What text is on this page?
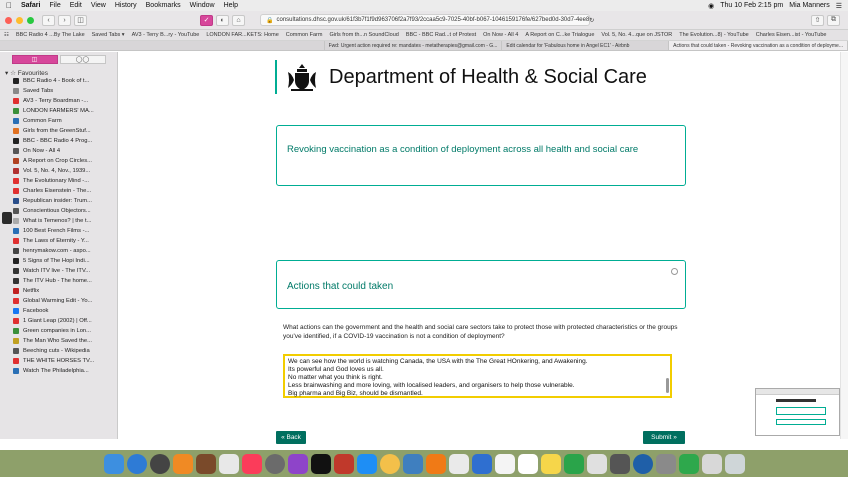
Safari File Edit View History Bookmarks Window Help	◉ Thu 10 Feb 2:15 pm Mia Manners ☰
‹	›	◫	✓	◐	⌂	🔒 consultations.dhsc.gov.uk/61f3b7f1f9d963706f2a7f93/2ccaa5c9-7025-40bf-b067-1046159176fe/627bed0d-30d7-4ee8 ↻	⇧	⧉
☷ BBC Radio 4 ...By The Lake Saved Tabs ▾ AV3 - Terry B...ry - YouTube LONDON FAR...KETS: Home Common Farm Girls from th...n SoundCloud BBC - BBC Rad...t of Protest On Now - All 4 A Report on C...ke Trialogue Vol. 5, No. 4...que on JSTOR The Evolution...8) - YouTube Charles Eisen...ist - YouTube
Fwd: Urgent action required re: mandates - metatherapies@gmail.com - G...	Edit calendar for 'Fabulous home in Angel EC1' - Airbnb	Actions that could taken - Revoking vaccination as a condition of deployme...
◫	◯◯
▾ ☆ Favourites
BBC Radio 4 - Book of t...
Saved Tabs
AV3 - Terry Boardman -...
LONDON FARMERS' MA...
Common Farm
Girls from the GreenStuf...
BBC - BBC Radio 4 Prog...
On Now - All 4
A Report on Crop Circles...
Vol. 5, No. 4, Nov., 1939...
The Evolutionary Mind -...
Charles Eisenstein - The...
Republican insider: Trum...
Conscientious Objectors...
What is Temenos? | the t...
100 Best French Films -...
The Laws of Eternity - Y...
henrymakow.com - aspo...
5 Signs of The Hopi Indi...
Watch ITV live - The ITV...
The ITV Hub - The home...
Netflix
Global Warming Edit - Yo...
Facebook
1 Giant Leap (2002) | Off...
Green companies in Lon...
The Man Who Saved the...
Beeching cuts - Wikipedia
THE WHITE HORSES TV...
Watch The Philadelphia...
Department of Health & Social Care
Revoking vaccination as a condition of deployment across all health and social care
Actions that could taken
What actions can the government and the health and social care sectors take to protect those with protected characteristics or the groups you've identified, if a COVID-19 vaccination is not a condition of deployment?
We can see how the world is watching Canada, the USA with the The Great HOnkering, and Awakening.
Its powerful and God loves us all.
No matter what you think is right.
Less brainwashing and more loving, with localised leaders, and organisers to help those vulnerable.
Big pharma and Big Biz, should be dismantled.
« Back	Submit »
